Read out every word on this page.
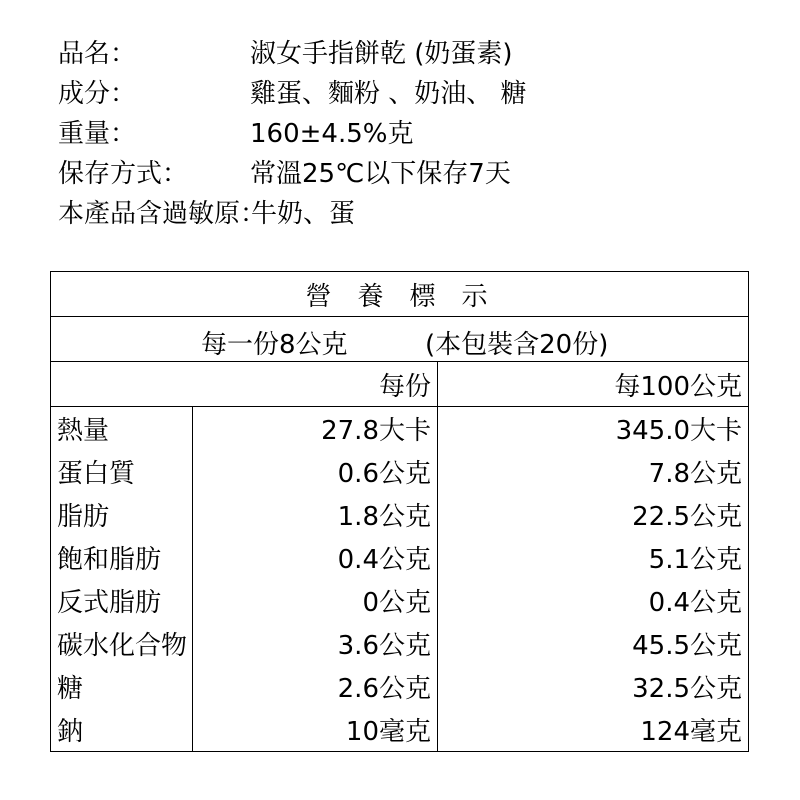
品名：	淑女手指餅乾 (奶蛋素)
成分：	雞蛋、麵粉 、奶油、 糖
重量：	160±4.5%克
保存方式： 常溫25℃以下保存7天
本產品含過敏原：
牛奶、蛋
營養標示		

每一份8公克 (本包裝含20份)		

	每份	每100公克
熱量	27.8大卡	345.0大卡
蛋白質	0.6公克	7.8公克
脂肪	1.8公克	22.5公克
飽和脂肪	0.4公克	5.1公克
反式脂肪	0公克	0.4公克
碳水化合物	3.6公克	45.5公克
糖	2.6公克	32.5公克
鈉	10毫克	124毫克
